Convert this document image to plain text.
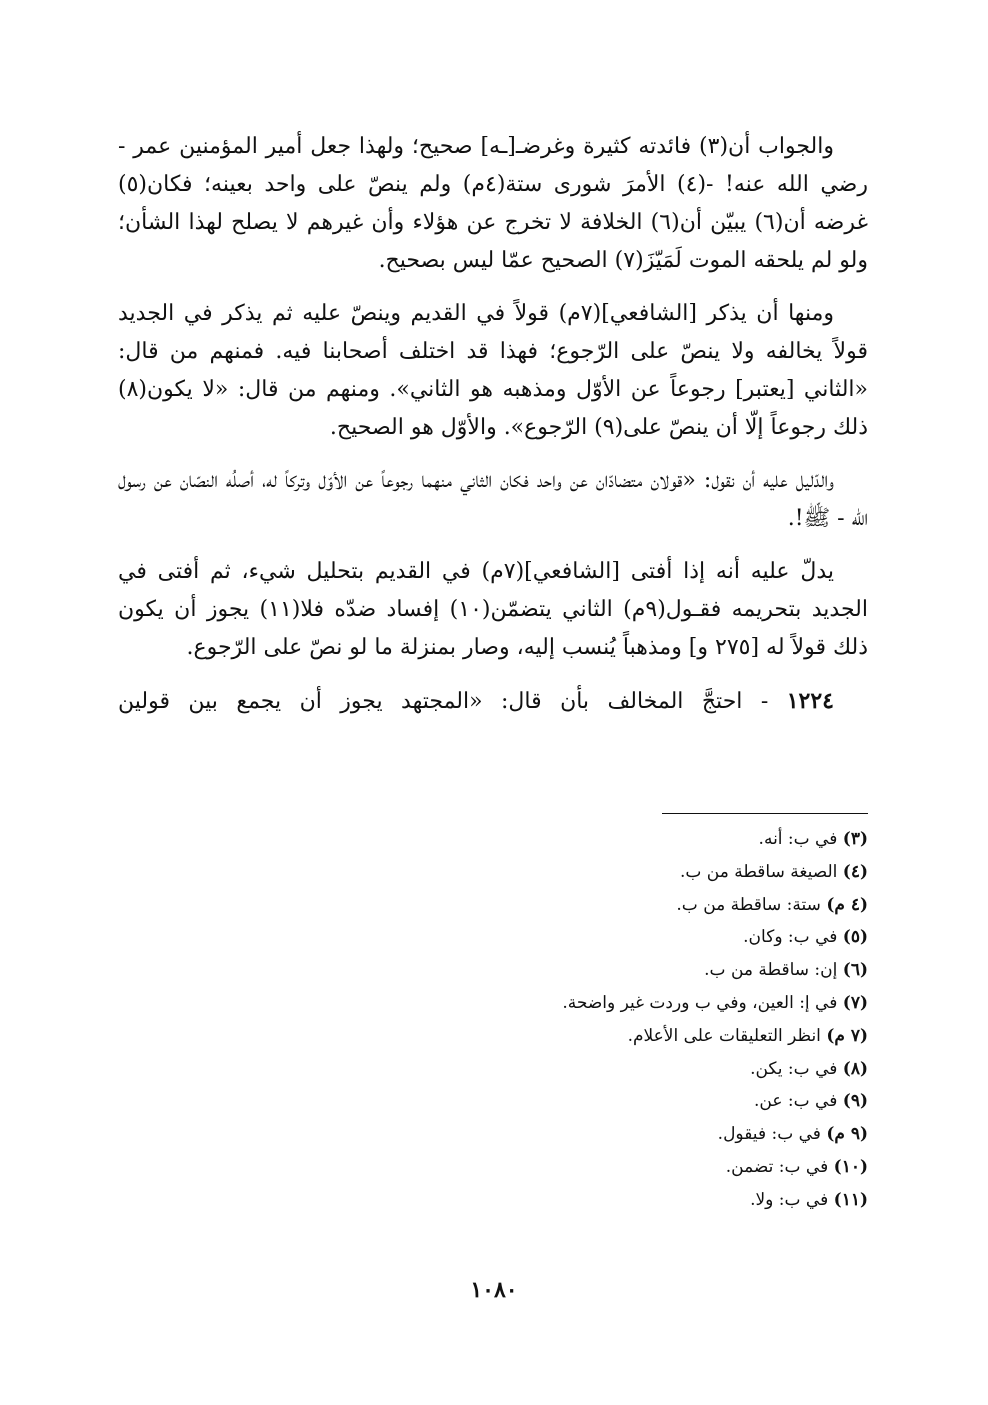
والجواب أن(٣) فائدته كثيرة وغرضـ[ـه] صحيح؛ ولهذا جعل أمير المؤمنين عمر - رضي الله عنه! -(٤) الأمرَ شورى ستة(٤م) ولم ينصّ على واحد بعينه؛ فكان(٥) غرضه أن(٦) يبيّن أن(٦) الخلافة لا تخرج عن هؤلاء وأن غيرهم لا يصلح لهذا الشأن؛ ولو لم يلحقه الموت لَمَيّزَ(٧) الصحيح عمّا ليس بصحيح.

ومنها أن يذكر [الشافعي](٧م) قولاً في القديم وينصّ عليه ثم يذكر في الجديد قولاً يخالفه ولا ينصّ على الرّجوع؛ فهذا قد اختلف أصحابنا فيه. فمنهم من قال: «الثاني [يعتبر] رجوعاً عن الأوّل ومذهبه هو الثاني». ومنهم من قال: «لا يكون(٨) ذلك رجوعاً إلّا أن ينصّ على(٩) الرّجوع». والأوّل هو الصحيح.

والدّليل عليه أن نقول: «قولان متضادّان عن واحد فكان الثاني منهما رجوعاً عن الأوّل وتركاً له، أصلُه النصّان عن رسول الله - ﷺ!.

يدلّ عليه أنه إذا أفتى [الشافعي](٧م) في القديم بتحليل شيء، ثم أفتى في الجديد بتحريمه فقـول(٩م) الثاني يتضمّن(١٠) إفساد ضدّه فلا(١١) يجوز أن يكون ذلك قولاً له [٢٧٥ و] ومذهباً يُنسب إليه، وصار بمنزلة ما لو نصّ على الرّجوع.

١٢٢٤ - احتجَّ المخالف بأن قال: «المجتهد يجوز أن يجمع بين قولين

(٣) في ب: أنه.
(٤) الصيغة ساقطة من ب.
(٤ م) ستة: ساقطة من ب.
(٥) في ب: وكان.
(٦) إن: ساقطة من ب.
(٧) في إ: العين، وفي ب وردت غير واضحة.
(٧ م) انظر التعليقات على الأعلام.
(٨) في ب: يكن.
(٩) في ب: عن.
(٩ م) في ب: فيقول.
(١٠) في ب: تضمن.
(١١) في ب: ولا.
١٠٨٠
